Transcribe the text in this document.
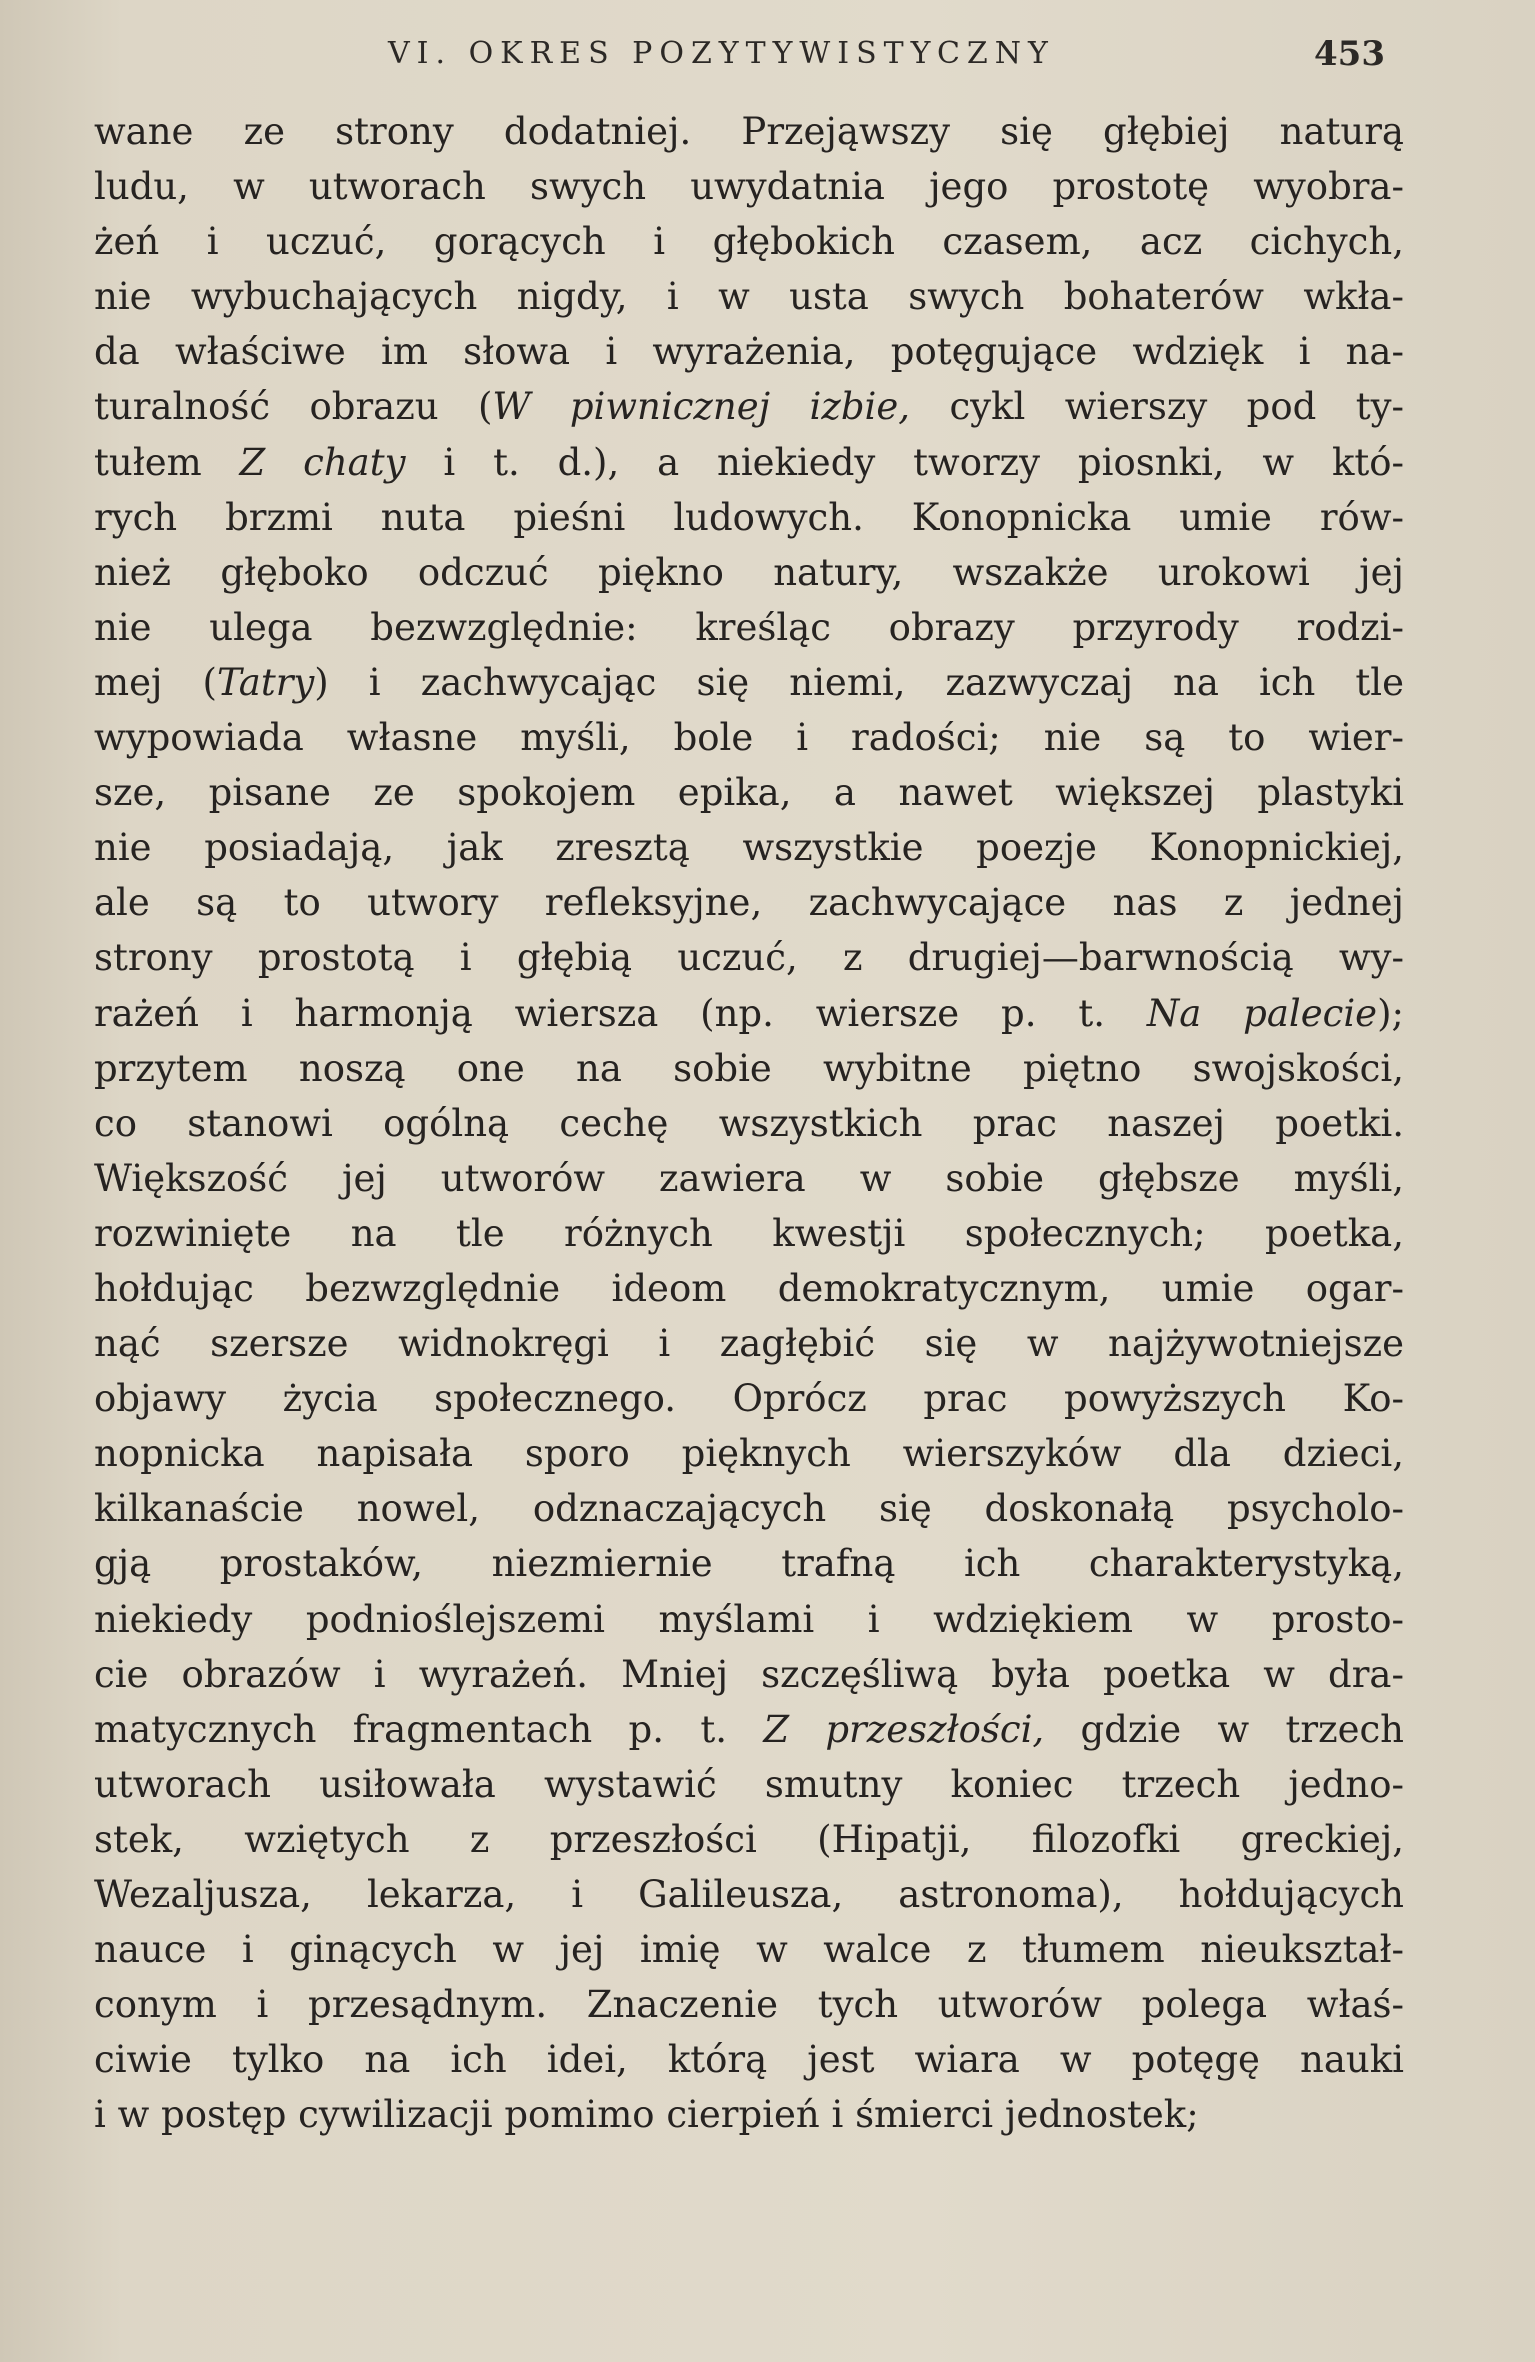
VI. OKRES POZYTYWISTYCZNY	453
wane ze strony dodatniej. Przejąwszy się głębiej naturą
ludu, w utworach swych uwydatnia jego prostotę wyobra-
żeń i uczuć, gorących i głębokich czasem, acz cichych,
nie wybuchających nigdy, i w usta swych bohaterów wkła-
da właściwe im słowa i wyrażenia, potęgujące wdzięk i na-
turalność obrazu (W piwnicznej izbie, cykl wierszy pod ty-
tułem Z chaty i t. d.), a niekiedy tworzy piosnki, w któ-
rych brzmi nuta pieśni ludowych. Konopnicka umie rów-
nież głęboko odczuć piękno natury, wszakże urokowi jej
nie ulega bezwzględnie: kreśląc obrazy przyrody rodzi-
mej (Tatry) i zachwycając się niemi, zazwyczaj na ich tle
wypowiada własne myśli, bole i radości; nie są to wier-
sze, pisane ze spokojem epika, a nawet większej plastyki
nie posiadają, jak zresztą wszystkie poezje Konopnickiej,
ale są to utwory refleksyjne, zachwycające nas z jednej
strony prostotą i głębią uczuć, z drugiej—barwnością wy-
rażeń i harmonją wiersza (np. wiersze p. t. Na palecie);
przytem noszą one na sobie wybitne piętno swojskości,
co stanowi ogólną cechę wszystkich prac naszej poetki.
Większość jej utworów zawiera w sobie głębsze myśli,
rozwinięte na tle różnych kwestji społecznych; poetka,
hołdując bezwzględnie ideom demokratycznym, umie ogar-
nąć szersze widnokręgi i zagłębić się w najżywotniejsze
objawy życia społecznego. Oprócz prac powyższych Ko-
nopnicka napisała sporo pięknych wierszyków dla dzieci,
kilkanaście nowel, odznaczających się doskonałą psycholo-
gją prostaków, niezmiernie trafną ich charakterystyką,
niekiedy podnioślejszemi myślami i wdziękiem w prosto-
cie obrazów i wyrażeń. Mniej szczęśliwą była poetka w dra-
matycznych fragmentach p. t. Z przeszłości, gdzie w trzech
utworach usiłowała wystawić smutny koniec trzech jedno-
stek, wziętych z przeszłości (Hipatji, filozofki greckiej,
Wezaljusza, lekarza, i Galileusza, astronoma), hołdujących
nauce i ginących w jej imię w walce z tłumem nieukształ-
conym i przesądnym. Znaczenie tych utworów polega właś-
ciwie tylko na ich idei, którą jest wiara w potęgę nauki
i w postęp cywilizacji pomimo cierpień i śmierci jednostek;
